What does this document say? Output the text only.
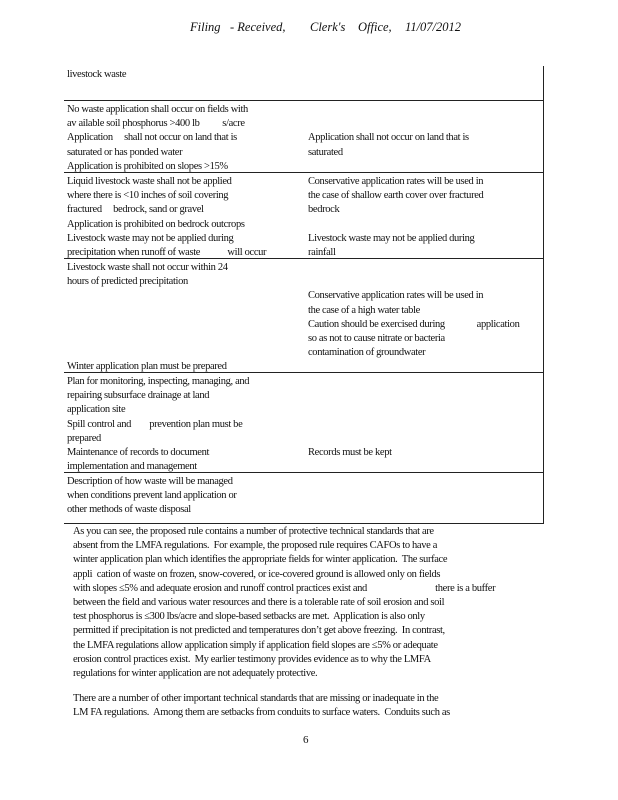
Filing - Received, Clerk's Office, 11/07/2012
livestock waste
No waste application shall occur on fields with
av ailable soil phosphorus >400 lb          s/acre
Application     shall not occur on land that is
saturated or has ponded water
Application is prohibited on slopes >15%

Application shall not occur on land that is
saturated
Liquid livestock waste shall not be applied
where there is <10 inches of soil covering
fractured     bedrock, sand or gravel
Application is prohibited on bedrock outcrops
Livestock waste may not be applied during
precipitation when runoff of waste            will occur
Conservative application rates will be used in
the case of shallow earth cover over fractured
bedrock

Livestock waste may not be applied during
rainfall
Livestock waste shall not occur within 24
hours of predicted precipitation

Winter application plan must be prepared

Conservative application rates will be used in
the case of a high water table
Caution should be exercised during              application
so as not to cause nitrate or bacteria
contamination of groundwater
Plan for monitoring, inspecting, managing, and
repairing subsurface drainage at land
application site
Spill control and        prevention plan must be
prepared
Maintenance of records to document
implementation and management

Records must be kept
Description of how waste will be managed
when conditions prevent land application or
other methods of waste disposal
As you can see, the proposed rule contains a number of protective technical standards that are
absent from the LMFA regulations.  For example, the proposed rule requires CAFOs to have a
winter application plan which identifies the appropriate fields for winter application.  The surface
appli  cation of waste on frozen, snow-covered, or ice-covered ground is allowed only on fields
with slopes ≤5% and adequate erosion and runoff control practices exist and                              there is a buffer
between the field and various water resources and there is a tolerable rate of soil erosion and soil
test phosphorus is ≤300 lbs/acre and slope-based setbacks are met.  Application is also only
permitted if precipitation is not predicted and temperatures don’t get above freezing.  In contrast,
the LMFA regulations allow application simply if application field slopes are ≤5% or adequate
erosion control practices exist.  My earlier testimony provides evidence as to why the LMFA
regulations for winter application are not adequately protective.
There are a number of other important technical standards that are missing or inadequate in the
LM FA regulations.  Among them are setbacks from conduits to surface waters.  Conduits such as
6
